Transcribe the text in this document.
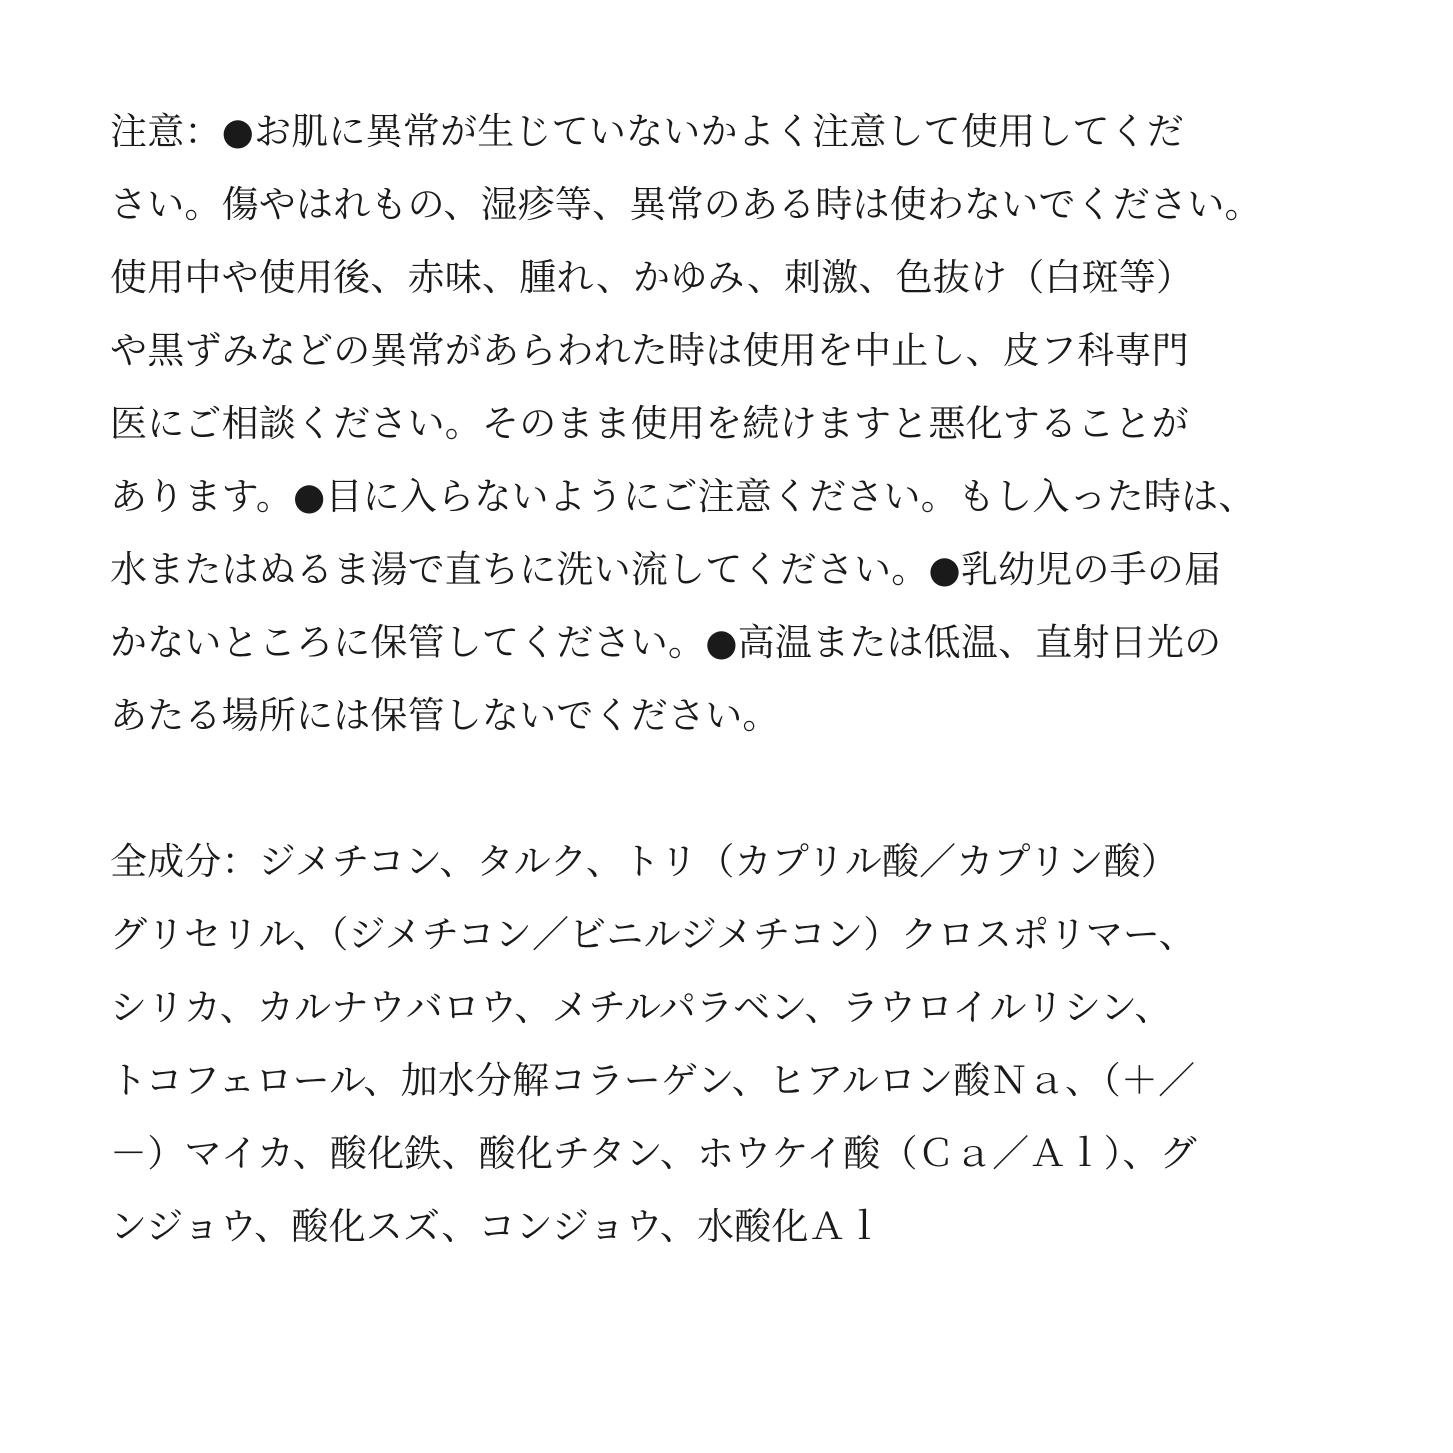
注意：●お肌に異常が生じていないかよく注意して使用してくだ
さい。傷やはれもの、湿疹等、異常のある時は使わないでください。
使用中や使用後、赤味、腫れ、かゆみ、刺激、色抜け（白斑等）
や黒ずみなどの異常があらわれた時は使用を中止し、皮フ科専門
医にご相談ください。そのまま使用を続けますと悪化することが
あります。●目に入らないようにご注意ください。もし入った時は、
水またはぬるま湯で直ちに洗い流してください。●乳幼児の手の届
かないところに保管してください。●高温または低温、直射日光の
あたる場所には保管しないでください。
全成分：ジメチコン、タルク、トリ（カプリル酸／カプリン酸）
グリセリル、（ジメチコン／ビニルジメチコン）クロスポリマー、
シリカ、カルナウバロウ、メチルパラベン、ラウロイルリシン、
トコフェロール、加水分解コラーゲン、ヒアルロン酸Ｎａ、（＋／
－）マイカ、酸化鉄、酸化チタン、ホウケイ酸（Ｃａ／Ａｌ）、グ
ンジョウ、酸化スズ、コンジョウ、水酸化Ａｌ
